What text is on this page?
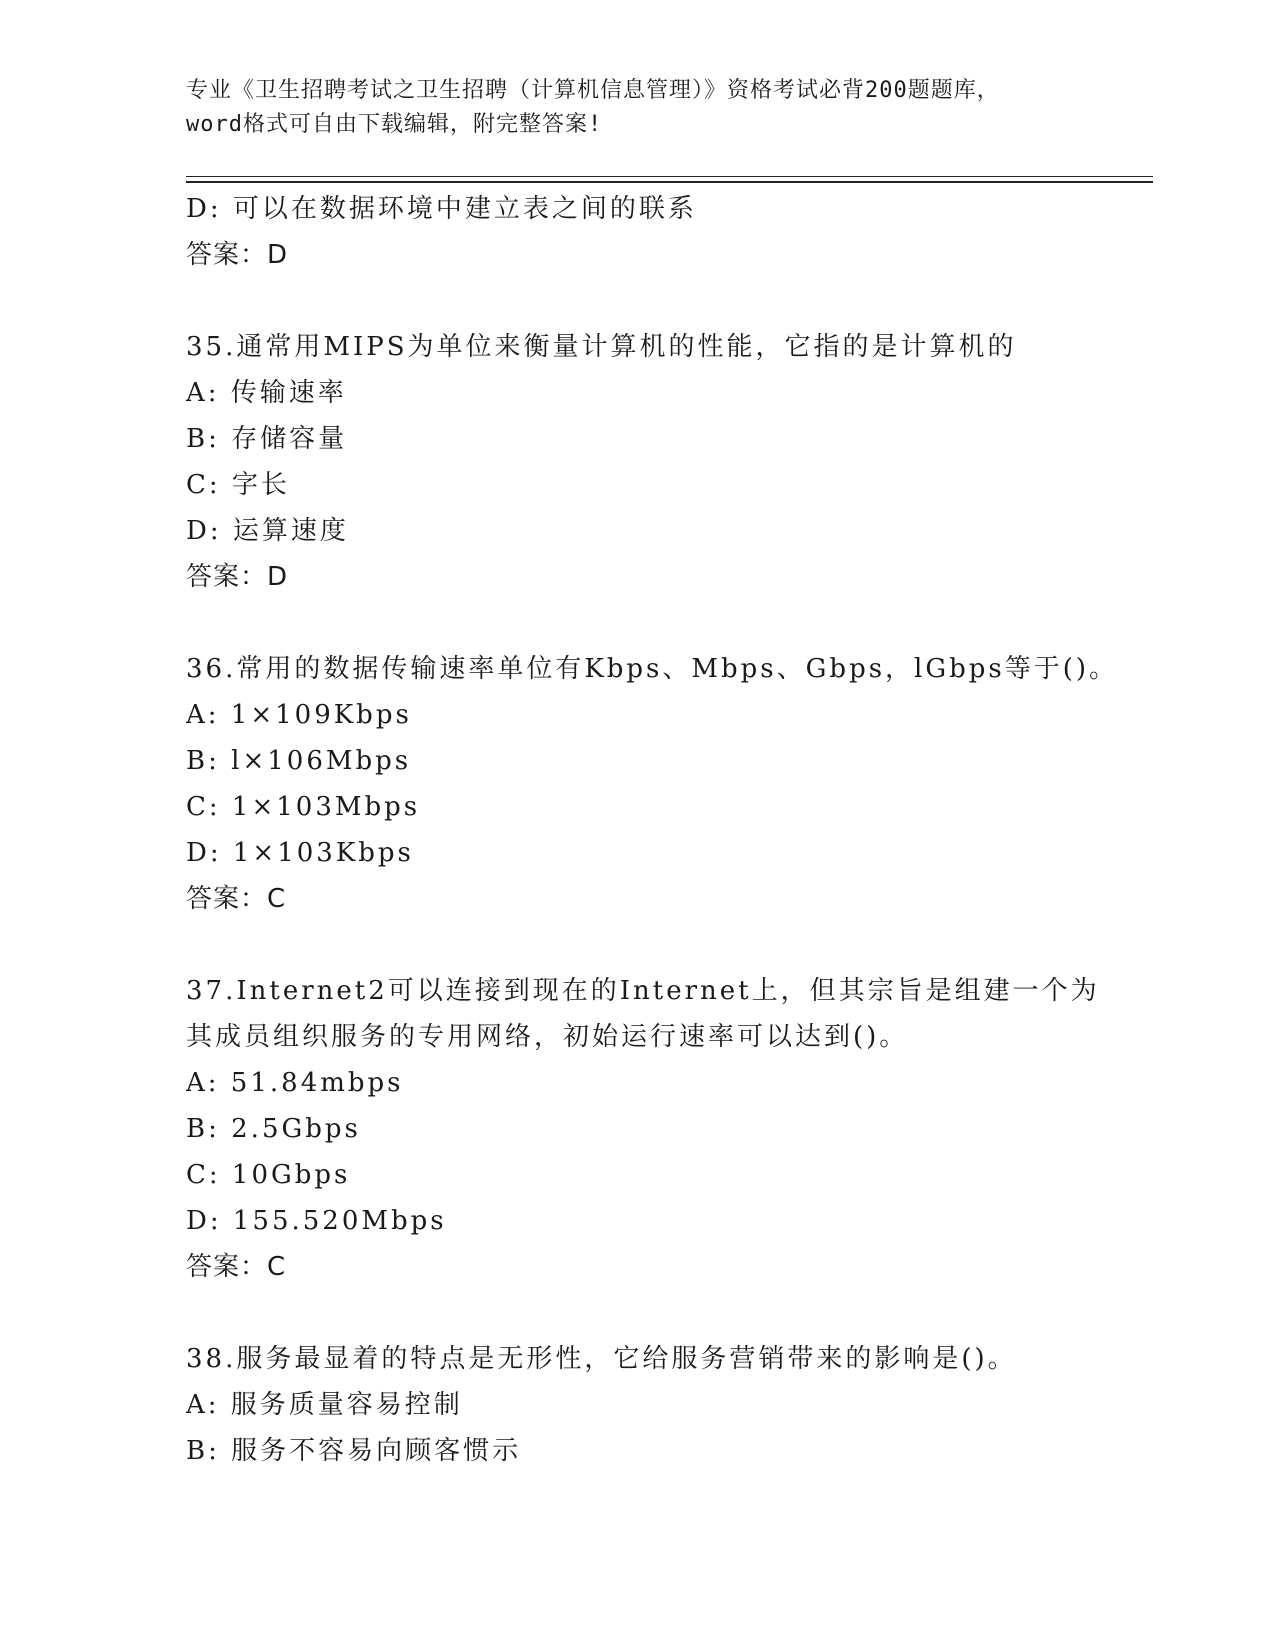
专业《卫生招聘考试之卫生招聘（计算机信息管理）》资格考试必背200题题库，
word格式可自由下载编辑，附完整答案!
D: 可以在数据环境中建立表之间的联系
答案：D
35.通常用MIPS为单位来衡量计算机的性能，它指的是计算机的
A: 传输速率
B: 存储容量
C: 字长
D: 运算速度
答案：D
36.常用的数据传输速率单位有Kbps、Mbps、Gbps，lGbps等于()。
A: 1×109Kbps
B: l×106Mbps
C: 1×103Mbps
D: 1×103Kbps
答案：C
37.Internet2可以连接到现在的Internet上，但其宗旨是组建一个为
其成员组织服务的专用网络，初始运行速率可以达到()。
A: 51.84mbps
B: 2.5Gbps
C: 10Gbps
D: 155.520Mbps
答案：C
38.服务最显着的特点是无形性，它给服务营销带来的影响是()。
A: 服务质量容易控制
B: 服务不容易向顾客惯示
